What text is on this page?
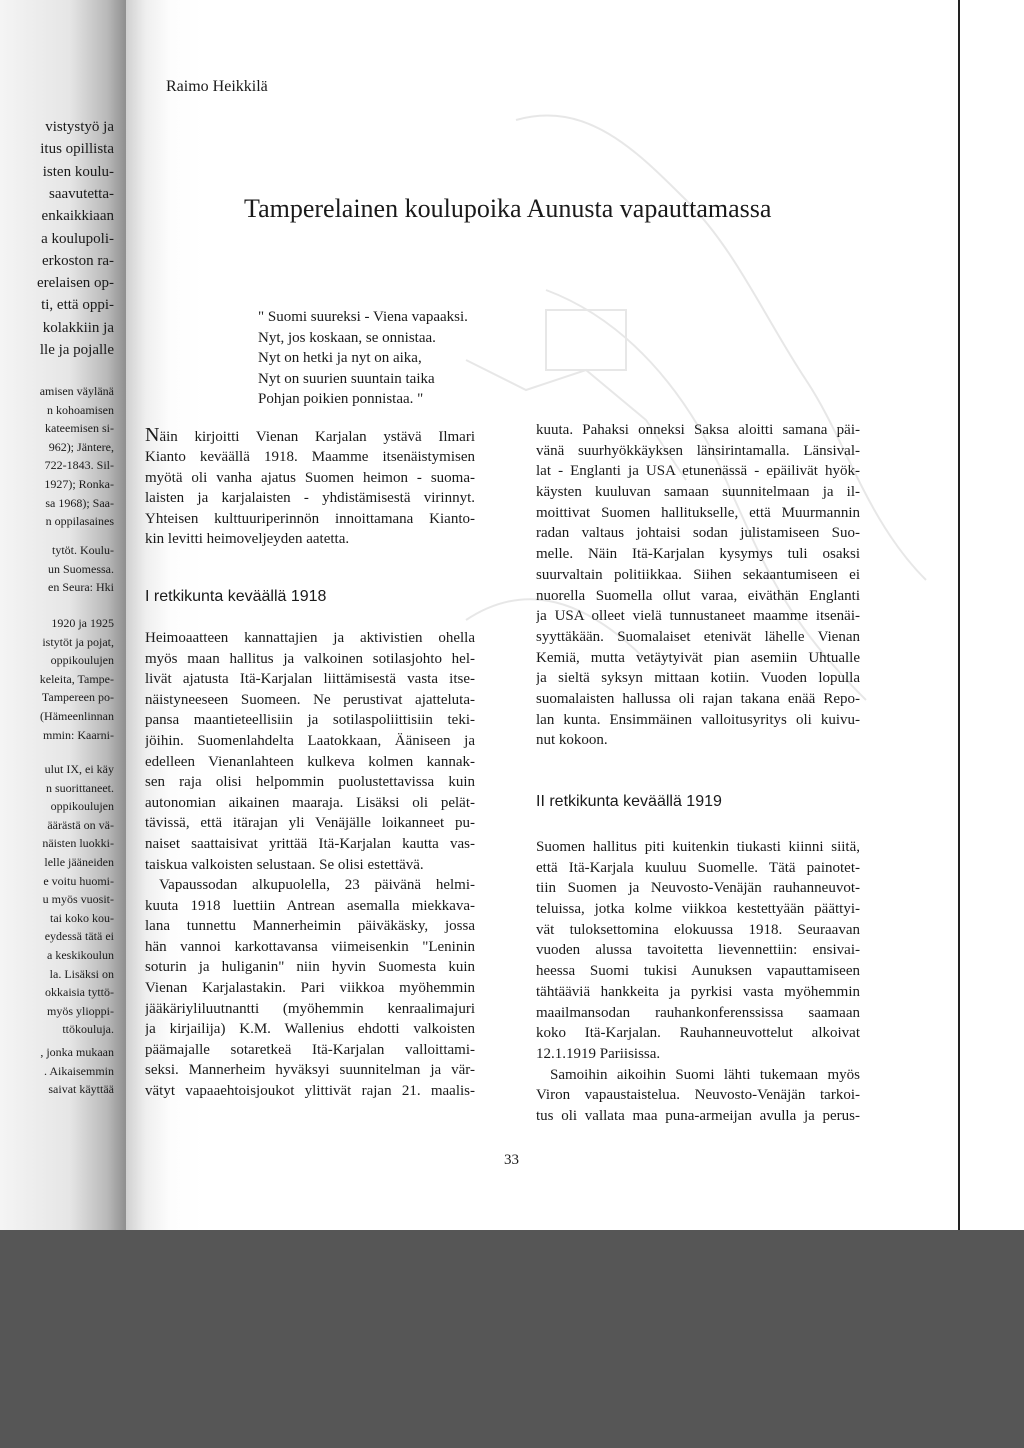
vistystyö ja
itus opillista
isten koulu-
saavutetta-
enkaikkiaan
a koulupoli-
erkoston ra-
erelaisen op-
ti, että oppi-
kolakkiin ja
lle ja pojalle
amisen väylänä
n kohoamisen
kateemisen si-
962); Jäntere,
722-1843. Sil-
1927); Ronka-
sa 1968); Saa-
n oppilasaines
tytöt. Koulu-
un Suomessa.
en Seura: Hki
1920 ja 1925
istytöt ja pojat,
oppikoulujen
keleita, Tampe-
Tampereen po-
(Hämeenlinnan
mmin: Kaarni-
ulut IX, ei käy
n suorittaneet.
oppikoulujen
äärästä on vä-
näisten luokki-
lelle jääneiden
e voitu huomi-
u myös vuosit-
tai koko kou-
eydessä tätä ei
a keskikoulun
la. Lisäksi on
okkaisia tyttö-
myös ylioppi-
ttökouluja.
, jonka mukaan
. Aikaisemmin
saivat käyttää
Raimo Heikkilä
Tamperelainen koulupoika Aunusta vapauttamassa
" Suomi suureksi - Viena vapaaksi.
Nyt, jos koskaan, se onnistaa.
Nyt on hetki ja nyt on aika,
Nyt on suurien suuntain taika
Pohjan poikien ponnistaa. "
Näin kirjoitti Vienan Karjalan ystävä Ilmari
Kianto keväällä 1918. Maamme itsenäistymisen
myötä oli vanha ajatus Suomen heimon - suoma-
laisten ja karjalaisten - yhdistämisestä virinnyt.
Yhteisen kulttuuriperinnön innoittamana Kianto-
kin levitti heimoveljeyden aatetta.
I retkikunta keväällä 1918
Heimoaatteen kannattajien ja aktivistien ohella
myös maan hallitus ja valkoinen sotilasjohto hel-
livät ajatusta Itä-Karjalan liittämisestä vasta itse-
näistyneeseen Suomeen. Ne perustivat ajatteluta-
pansa maantieteellisiin ja sotilaspoliittisiin teki-
jöihin. Suomenlahdelta Laatokkaan, Ääniseen ja
edelleen Vienanlahteen kulkeva kolmen kannak-
sen raja olisi helpommin puolustettavissa kuin
autonomian aikainen maaraja. Lisäksi oli pelät-
tävissä, että itärajan yli Venäjälle loikanneet pu-
naiset saattaisivat yrittää Itä-Karjalan kautta vas-
taiskua valkoisten selustaan. Se olisi estettävä.
Vapaussodan alkupuolella, 23 päivänä helmi-
kuuta 1918 luettiin Antrean asemalla miekkava-
lana tunnettu Mannerheimin päiväkäsky, jossa
hän vannoi karkottavansa viimeisenkin "Leninin
soturin ja huliganin" niin hyvin Suomesta kuin
Vienan Karjalastakin. Pari viikkoa myöhemmin
jääkäriyliluutnantti (myöhemmin kenraalimajuri
ja kirjailija) K.M. Wallenius ehdotti valkoisten
päämajalle sotaretkeä Itä-Karjalan valloittami-
seksi. Mannerheim hyväksyi suunnitelman ja vär-
vätyt vapaaehtoisjoukot ylittivät rajan 21. maalis-
kuuta. Pahaksi onneksi Saksa aloitti samana päi-
vänä suurhyökkäyksen länsirintamalla. Länsival-
lat - Englanti ja USA etunenässä - epäilivät hyök-
käysten kuuluvan samaan suunnitelmaan ja il-
moittivat Suomen hallitukselle, että Muurmannin
radan valtaus johtaisi sodan julistamiseen Suo-
melle. Näin Itä-Karjalan kysymys tuli osaksi
suurvaltain politiikkaa. Siihen sekaantumiseen ei
nuorella Suomella ollut varaa, eiväthän Englanti
ja USA olleet vielä tunnustaneet maamme itsenäi-
syyttäkään. Suomalaiset etenivät lähelle Vienan
Kemiä, mutta vetäytyivät pian asemiin Uhtualle
ja sieltä syksyn mittaan kotiin. Vuoden lopulla
suomalaisten hallussa oli rajan takana enää Repo-
lan kunta. Ensimmäinen valloitusyritys oli kuivu-
nut kokoon.
II retkikunta keväällä 1919
Suomen hallitus piti kuitenkin tiukasti kiinni siitä,
että Itä-Karjala kuuluu Suomelle. Tätä painotet-
tiin Suomen ja Neuvosto-Venäjän rauhanneuvot-
teluissa, jotka kolme viikkoa kestettyään päättyi-
vät tuloksettomina elokuussa 1918. Seuraavan
vuoden alussa tavoitetta lievennettiin: ensivai-
heessa Suomi tukisi Aunuksen vapauttamiseen
tähtääviä hankkeita ja pyrkisi vasta myöhemmin
maailmansodan rauhankonferenssissa saamaan
koko Itä-Karjalan. Rauhanneuvottelut alkoivat
12.1.1919 Pariisissa.
Samoihin aikoihin Suomi lähti tukemaan myös
Viron vapaustaistelua. Neuvosto-Venäjän tarkoi-
tus oli vallata maa puna-armeijan avulla ja perus-
33
